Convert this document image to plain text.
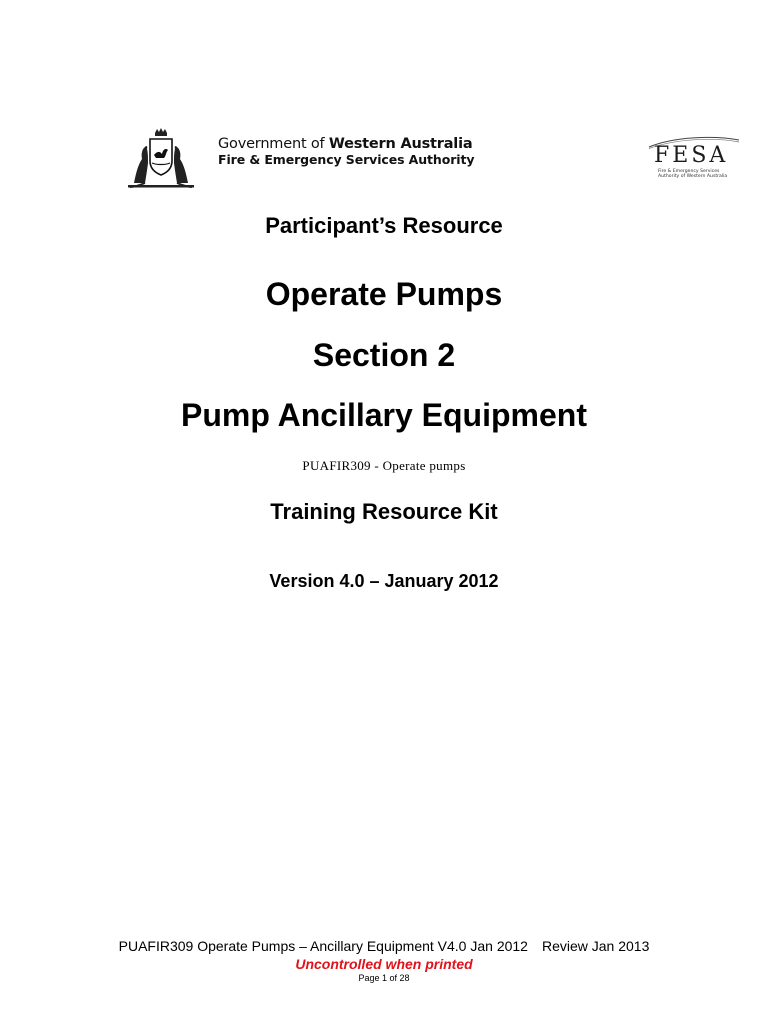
Government of Western Australia
Fire & Emergency Services Authority	FESA
Fire & Emergency Services
Authority of Western Australia
Participant’s Resource
Operate Pumps
Section 2
Pump Ancillary Equipment
PUAFIR309 - Operate pumps
Training Resource Kit
Version 4.0 – January 2012
PUAFIR309 Operate Pumps – Ancillary Equipment V4.0 Jan 2012 Review Jan 2013
Uncontrolled when printed
Page 1 of 28
